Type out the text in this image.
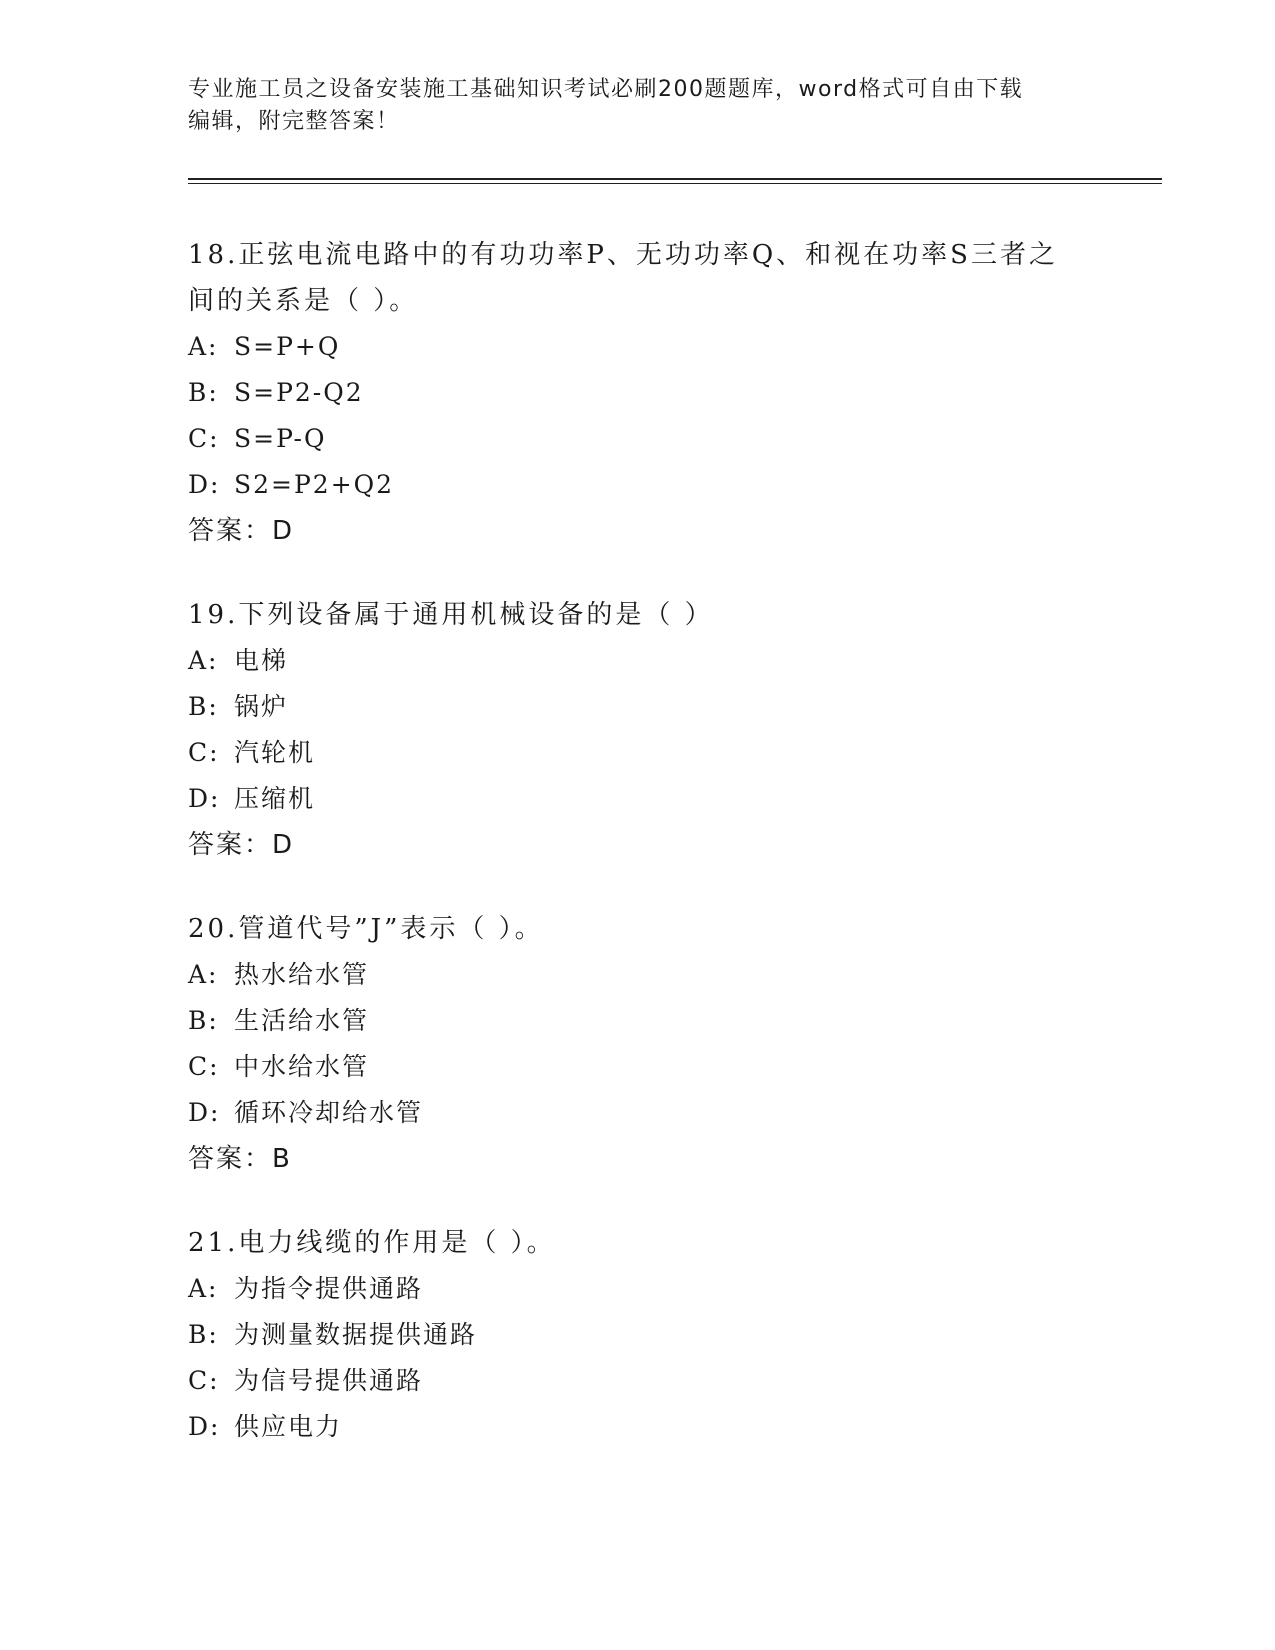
专业施工员之设备安装施工基础知识考试必刷200题题库，word格式可自由下载
编辑，附完整答案！

18.正弦电流电路中的有功功率P、无功功率Q、和视在功率S三者之
间的关系是（ ）。

A: S=P+Q
B: S=P2-Q2
C: S=P-Q
D: S2=P2+Q2
答案：D

19.下列设备属于通用机械设备的是（ ）

A: 电梯
B: 锅炉
C: 汽轮机
D: 压缩机
答案：D

20.管道代号”J”表示（ ）。

A: 热水给水管
B: 生活给水管
C: 中水给水管
D: 循环冷却给水管
答案：B

21.电力线缆的作用是（ ）。

A: 为指令提供通路
B: 为测量数据提供通路
C: 为信号提供通路
D: 供应电力
